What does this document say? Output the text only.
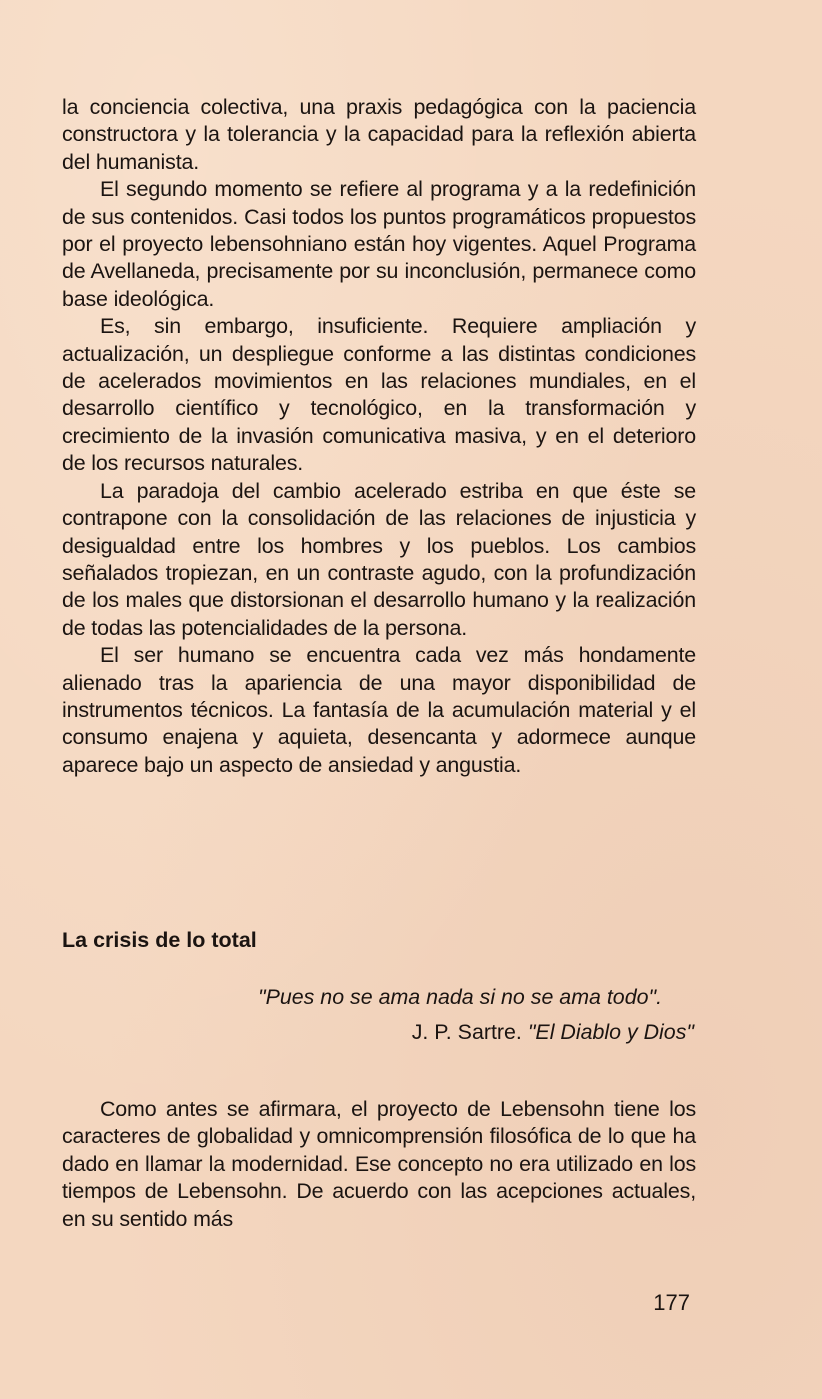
la conciencia colectiva, una praxis pedagógica con la paciencia constructora y la tolerancia y la capacidad para la reflexión abierta del humanista.

El segundo momento se refiere al programa y a la redefinición de sus contenidos. Casi todos los puntos programáticos propuestos por el proyecto lebensohniano están hoy vigentes. Aquel Programa de Avellaneda, precisamente por su inconclusión, permanece como base ideológica.

Es, sin embargo, insuficiente. Requiere ampliación y actualización, un despliegue conforme a las distintas condiciones de acelerados movimientos en las relaciones mundiales, en el desarrollo científico y tecnológico, en la transformación y crecimiento de la invasión comunicativa masiva, y en el deterioro de los recursos naturales.

La paradoja del cambio acelerado estriba en que éste se contrapone con la consolidación de las relaciones de injusticia y desigualdad entre los hombres y los pueblos. Los cambios señalados tropiezan, en un contraste agudo, con la profundización de los males que distorsionan el desarrollo humano y la realización de todas las potencialidades de la persona.

El ser humano se encuentra cada vez más hondamente alienado tras la apariencia de una mayor disponibilidad de instrumentos técnicos. La fantasía de la acumulación material y el consumo enajena y aquieta, desencanta y adormece aunque aparece bajo un aspecto de ansiedad y angustia.

La crisis de lo total

"Pues no se ama nada si no se ama todo".

J. P. Sartre. "El Diablo y Dios"

Como antes se afirmara, el proyecto de Lebensohn tiene los caracteres de globalidad y omnicomprensión filosófica de lo que ha dado en llamar la modernidad. Ese concepto no era utilizado en los tiempos de Lebensohn. De acuerdo con las acepciones actuales, en su sentido más

177
